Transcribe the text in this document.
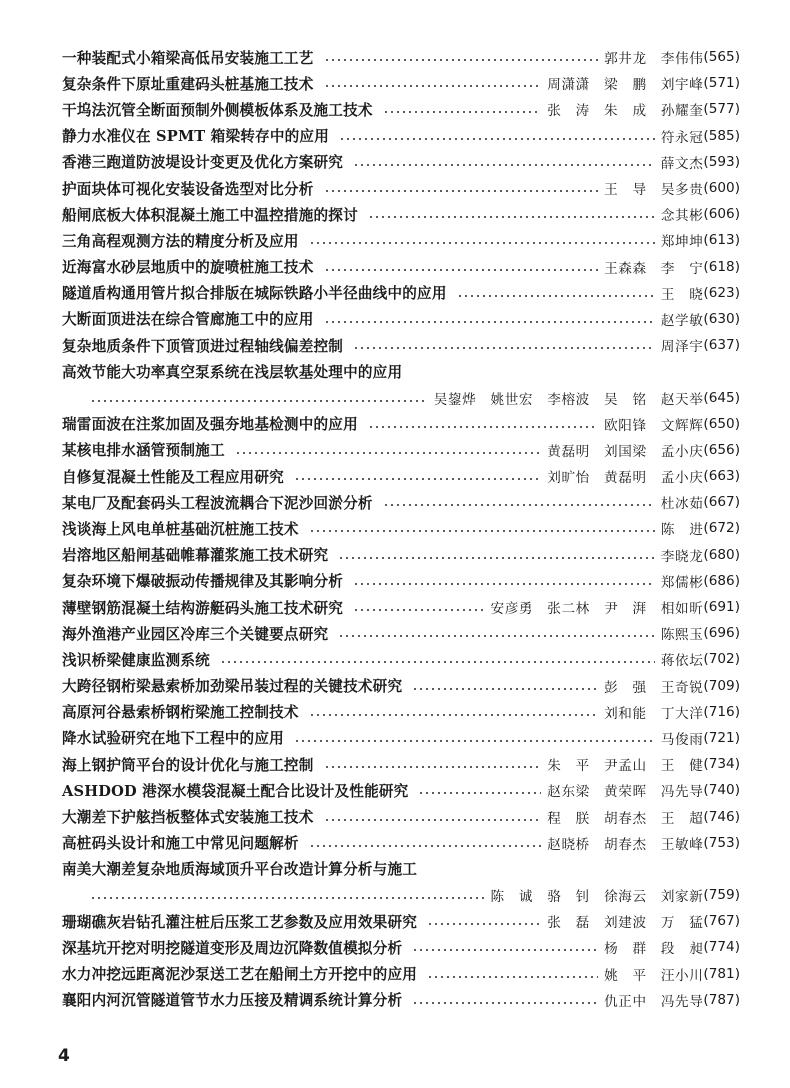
一种装配式小箱梁高低吊安装施工工艺	郭井龙　李伟伟 (565)
复杂条件下原址重建码头桩基施工技术	周潇潇　梁　鹏　刘宇峰 (571)
干坞法沉管全断面预制外侧模板体系及施工技术	张　涛　朱　成　孙耀奎 (577)
静力水准仪在 SPMT 箱梁转存中的应用	符永冠 (585)
香港三跑道防波堤设计变更及优化方案研究	薛文杰 (593)
护面块体可视化安装设备选型对比分析	王　导　吴多贵 (600)
船闸底板大体积混凝土施工中温控措施的探讨	念其彬 (606)
三角高程观测方法的精度分析及应用	郑坤坤 (613)
近海富水砂层地质中的旋喷桩施工技术	王森森　李　宁 (618)
隧道盾构通用管片拟合排版在城际铁路小半径曲线中的应用	王　晓 (623)
大断面顶进法在综合管廊施工中的应用	赵学敏 (630)
复杂地质条件下顶管顶进过程轴线偏差控制	周泽宇 (637)
高效节能大功率真空泵系统在浅层软基处理中的应用
吴鋆烨　姚世宏　李榕波　吴　铭　赵天举 (645)
瑞雷面波在注浆加固及强夯地基检测中的应用	欧阳锋　文辉辉 (650)
某核电排水涵管预制施工	黄磊明　刘国梁　孟小庆 (656)
自修复混凝土性能及工程应用研究	刘旷怡　黄磊明　孟小庆 (663)
某电厂及配套码头工程波流耦合下泥沙回淤分析	杜冰茹 (667)
浅谈海上风电单桩基础沉桩施工技术	陈　进 (672)
岩溶地区船闸基础帷幕灌浆施工技术研究	李晓龙 (680)
复杂环境下爆破振动传播规律及其影响分析	郑儒彬 (686)
薄壁钢筋混凝土结构游艇码头施工技术研究	安彦勇　张二林　尹　湃　相如昕 (691)
海外渔港产业园区冷库三个关键要点研究	陈熙玉 (696)
浅识桥梁健康监测系统	蒋依坛 (702)
大跨径钢桁梁悬索桥加劲梁吊装过程的关键技术研究	彭　强　王奇锐 (709)
高原河谷悬索桥钢桁梁施工控制技术	刘和能　丁大洋 (716)
降水试验研究在地下工程中的应用	马俊雨 (721)
海上钢护筒平台的设计优化与施工控制	朱　平　尹孟山　王　健 (734)
ASHDOD 港深水模袋混凝土配合比设计及性能研究	赵东梁　黄荣晖　冯先导 (740)
大潮差下护舷挡板整体式安装施工技术	程　朕　胡春杰　王　超 (746)
高桩码头设计和施工中常见问题解析	赵晓桥　胡春杰　王敏峰 (753)
南美大潮差复杂地质海域顶升平台改造计算分析与施工
陈　诚　骆　钊　徐海云　刘家新 (759)
珊瑚礁灰岩钻孔灌注桩后压浆工艺参数及应用效果研究	张　磊　刘建波　万　猛 (767)
深基坑开挖对明挖隧道变形及周边沉降数值模拟分析	杨　群　段　昶 (774)
水力冲挖远距离泥沙泵送工艺在船闸土方开挖中的应用	姚　平　汪小川 (781)
襄阳内河沉管隧道管节水力压接及精调系统计算分析	仇正中　冯先导 (787)
4
